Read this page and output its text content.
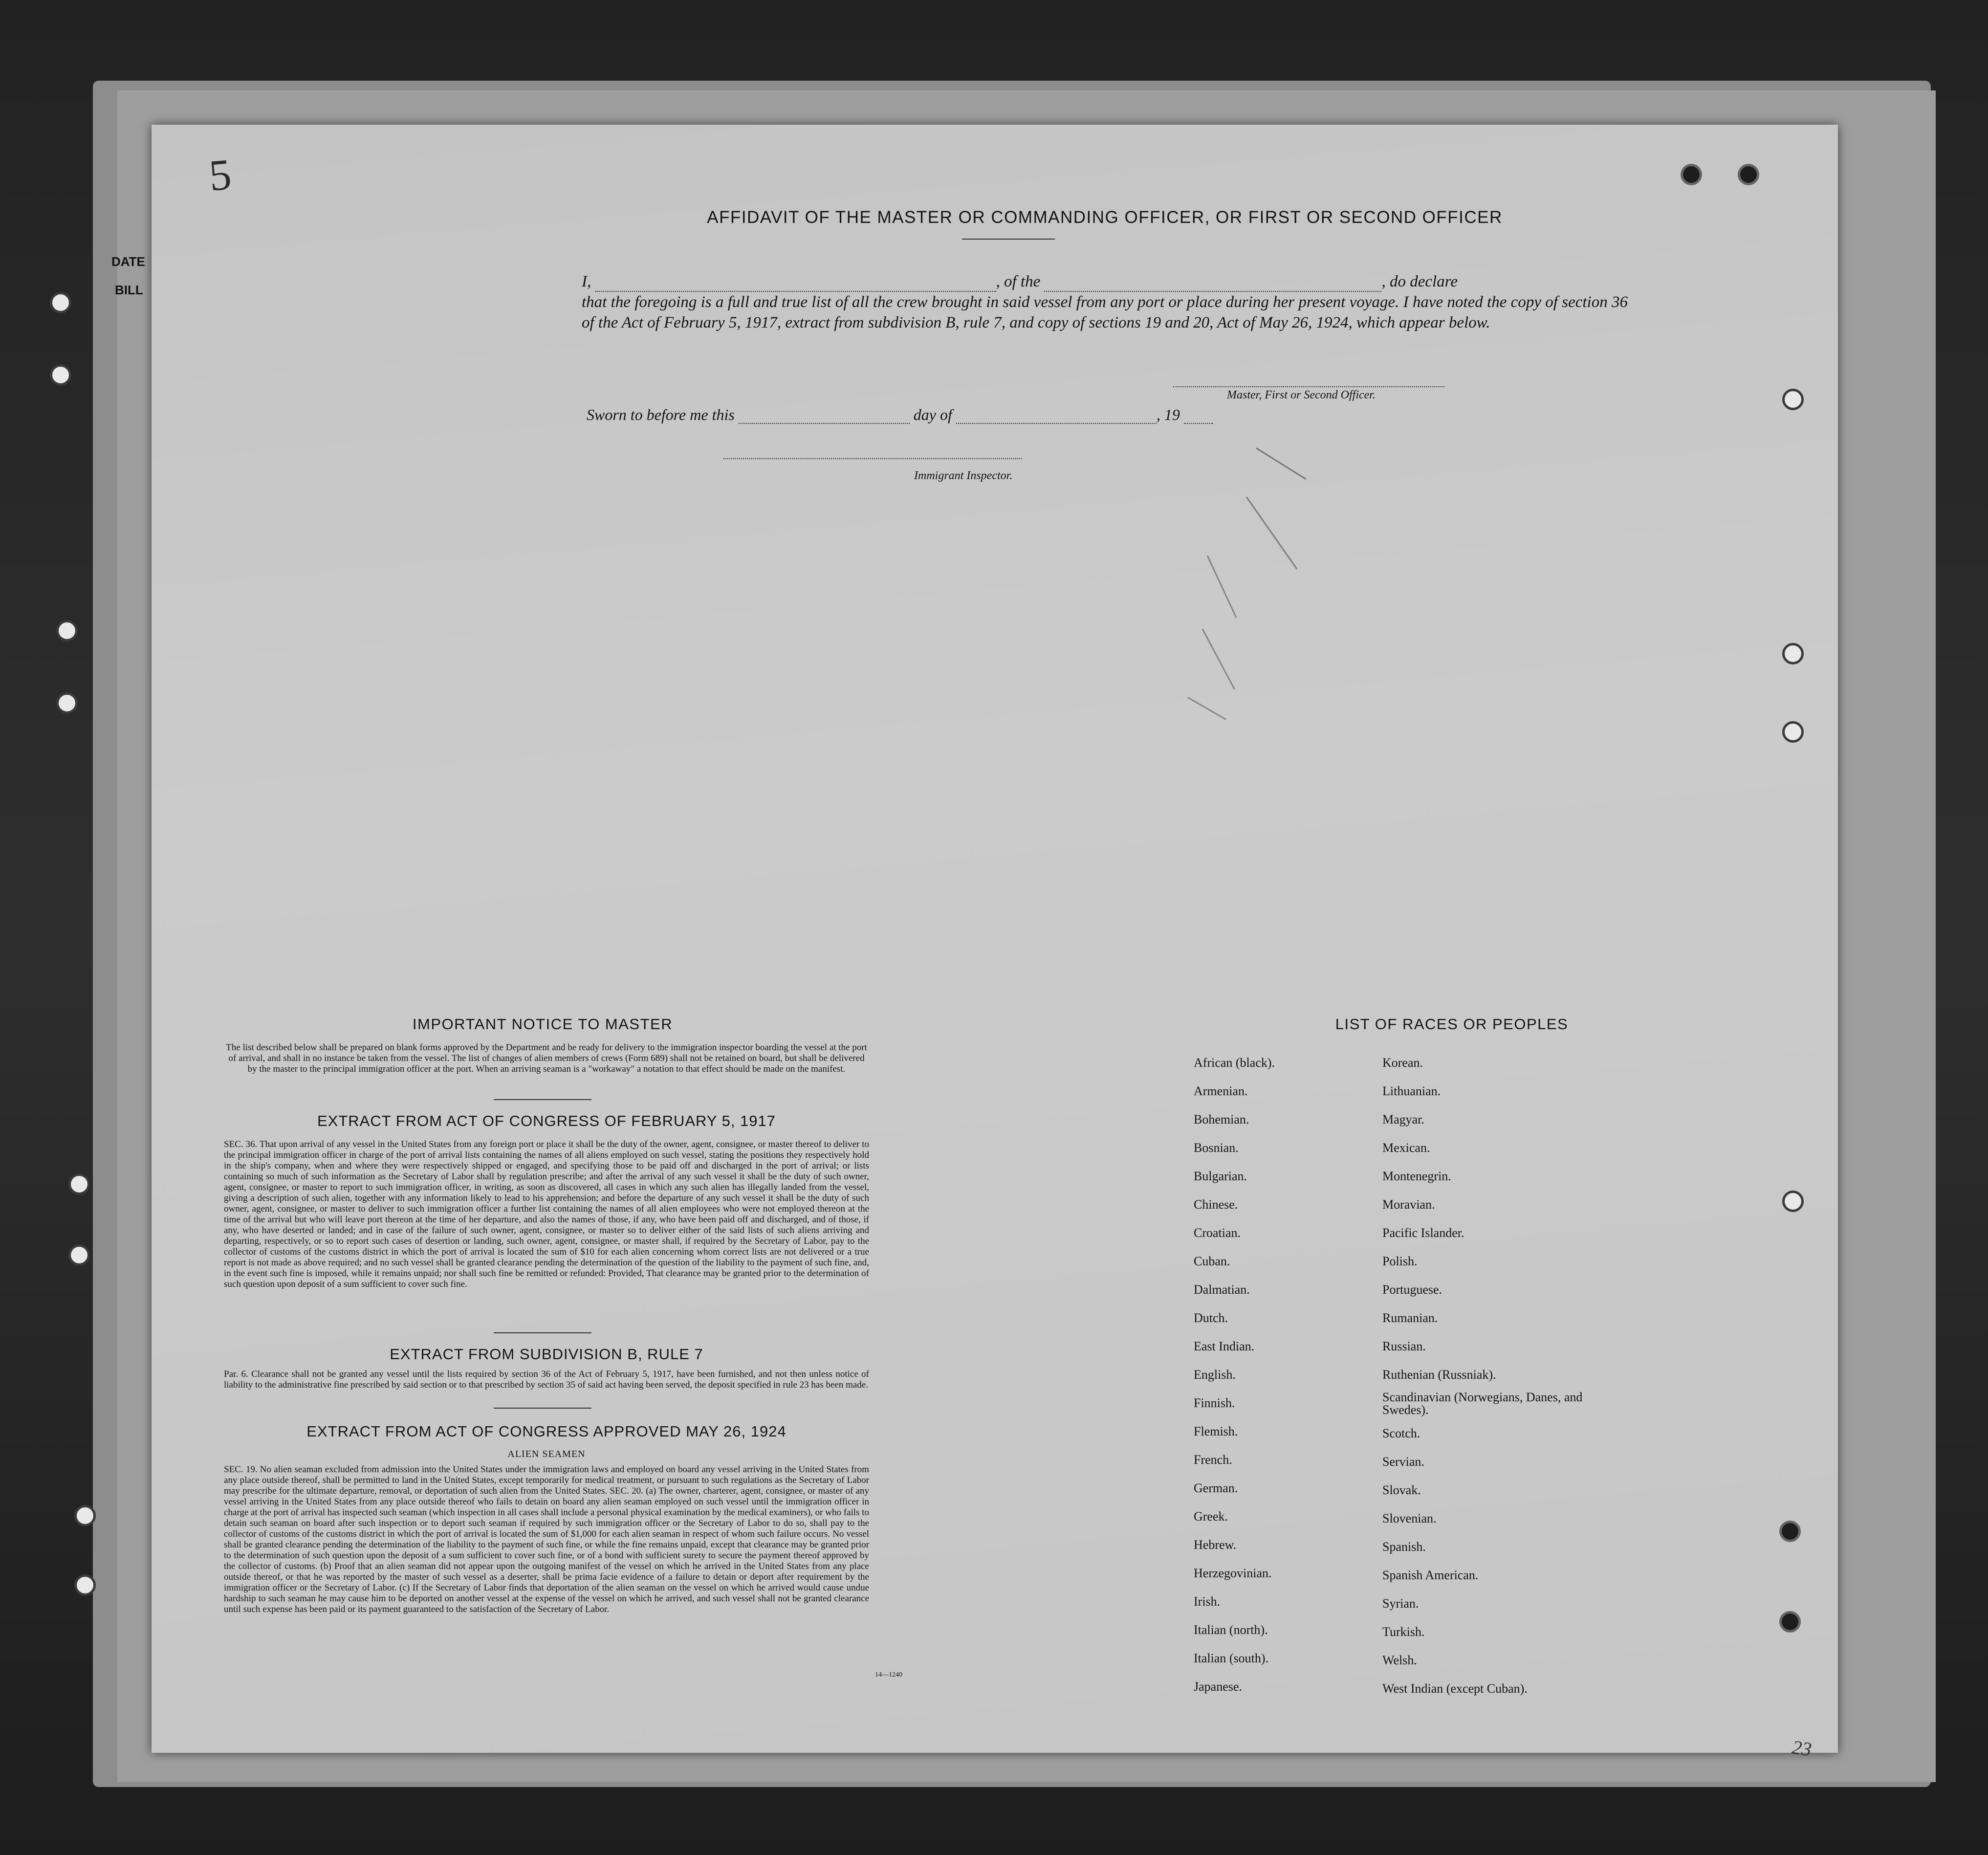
DATE
BILL
5
AFFIDAVIT OF THE MASTER OR COMMANDING OFFICER, OR FIRST OR SECOND OFFICER
I,	, of the	, do declare
that the foregoing is a full and true list of all the crew brought in said vessel from any port or place during her present voyage. I have noted the copy of section 36 of the Act of February 5, 1917, extract from subdivision B, rule 7, and copy of sections 19 and 20, Act of May 26, 1924, which appear below.
Master, First or Second Officer.
Sworn to before me this	day of	, 19
Immigrant Inspector.
IMPORTANT NOTICE TO MASTER
The list described below shall be prepared on blank forms approved by the Department and be ready for delivery to the immigration inspector boarding the vessel at the port of arrival, and shall in no instance be taken from the vessel. The list of changes of alien members of crews (Form 689) shall not be retained on board, but shall be delivered by the master to the principal immigration officer at the port. When an arriving seaman is a "workaway" a notation to that effect should be made on the manifest.
EXTRACT FROM ACT OF CONGRESS OF FEBRUARY 5, 1917
SEC. 36. That upon arrival of any vessel in the United States from any foreign port or place it shall be the duty of the owner, agent, consignee, or master thereof to deliver to the principal immigration officer in charge of the port of arrival lists containing the names of all aliens employed on such vessel, stating the positions they respectively hold in the ship's company, when and where they were respectively shipped or engaged, and specifying those to be paid off and discharged in the port of arrival; or lists containing so much of such information as the Secretary of Labor shall by regulation prescribe; and after the arrival of any such vessel it shall be the duty of such owner, agent, consignee, or master to report to such immigration officer, in writing, as soon as discovered, all cases in which any such alien has illegally landed from the vessel, giving a description of such alien, together with any information likely to lead to his apprehension; and before the departure of any such vessel it shall be the duty of such owner, agent, consignee, or master to deliver to such immigration officer a further list containing the names of all alien employees who were not employed thereon at the time of the arrival but who will leave port thereon at the time of her departure, and also the names of those, if any, who have been paid off and discharged, and of those, if any, who have deserted or landed; and in case of the failure of such owner, agent, consignee, or master so to deliver either of the said lists of such aliens arriving and departing, respectively, or so to report such cases of desertion or landing, such owner, agent, consignee, or master shall, if required by the Secretary of Labor, pay to the collector of customs of the customs district in which the port of arrival is located the sum of $10 for each alien concerning whom correct lists are not delivered or a true report is not made as above required; and no such vessel shall be granted clearance pending the determination of the question of the liability to the payment of such fine, and, in the event such fine is imposed, while it remains unpaid; nor shall such fine be remitted or refunded: Provided, That clearance may be granted prior to the determination of such question upon deposit of a sum sufficient to cover such fine.
EXTRACT FROM SUBDIVISION B, RULE 7
Par. 6. Clearance shall not be granted any vessel until the lists required by section 36 of the Act of February 5, 1917, have been furnished, and not then unless notice of liability to the administrative fine prescribed by said section or to that prescribed by section 35 of said act having been served, the deposit specified in rule 23 has been made.
EXTRACT FROM ACT OF CONGRESS APPROVED MAY 26, 1924
ALIEN SEAMEN
SEC. 19. No alien seaman excluded from admission into the United States under the immigration laws and employed on board any vessel arriving in the United States from any place outside thereof, shall be permitted to land in the United States, except temporarily for medical treatment, or pursuant to such regulations as the Secretary of Labor may prescribe for the ultimate departure, removal, or deportation of such alien from the United States. SEC. 20. (a) The owner, charterer, agent, consignee, or master of any vessel arriving in the United States from any place outside thereof who fails to detain on board any alien seaman employed on such vessel until the immigration officer in charge at the port of arrival has inspected such seaman (which inspection in all cases shall include a personal physical examination by the medical examiners), or who fails to detain such seaman on board after such inspection or to deport such seaman if required by such immigration officer or the Secretary of Labor to do so, shall pay to the collector of customs of the customs district in which the port of arrival is located the sum of $1,000 for each alien seaman in respect of whom such failure occurs. No vessel shall be granted clearance pending the determination of the liability to the payment of such fine, or while the fine remains unpaid, except that clearance may be granted prior to the determination of such question upon the deposit of a sum sufficient to cover such fine, or of a bond with sufficient surety to secure the payment thereof approved by the collector of customs. (b) Proof that an alien seaman did not appear upon the outgoing manifest of the vessel on which he arrived in the United States from any place outside thereof, or that he was reported by the master of such vessel as a deserter, shall be prima facie evidence of a failure to detain or deport after requirement by the immigration officer or the Secretary of Labor. (c) If the Secretary of Labor finds that deportation of the alien seaman on the vessel on which he arrived would cause undue hardship to such seaman he may cause him to be deported on another vessel at the expense of the vessel on which he arrived, and such vessel shall not be granted clearance until such expense has been paid or its payment guaranteed to the satisfaction of the Secretary of Labor.
14—1240
LIST OF RACES OR PEOPLES
African (black).
Armenian.
Bohemian.
Bosnian.
Bulgarian.
Chinese.
Croatian.
Cuban.
Dalmatian.
Dutch.
East Indian.
English.
Finnish.
Flemish.
French.
German.
Greek.
Hebrew.
Herzegovinian.
Irish.
Italian (north).
Italian (south).
Japanese.
Korean.
Lithuanian.
Magyar.
Mexican.
Montenegrin.
Moravian.
Pacific Islander.
Polish.
Portuguese.
Rumanian.
Russian.
Ruthenian (Russniak).
Scandinavian (Norwegians, Danes, and Swedes).
Scotch.
Servian.
Slovak.
Slovenian.
Spanish.
Spanish American.
Syrian.
Turkish.
Welsh.
West Indian (except Cuban).
23
